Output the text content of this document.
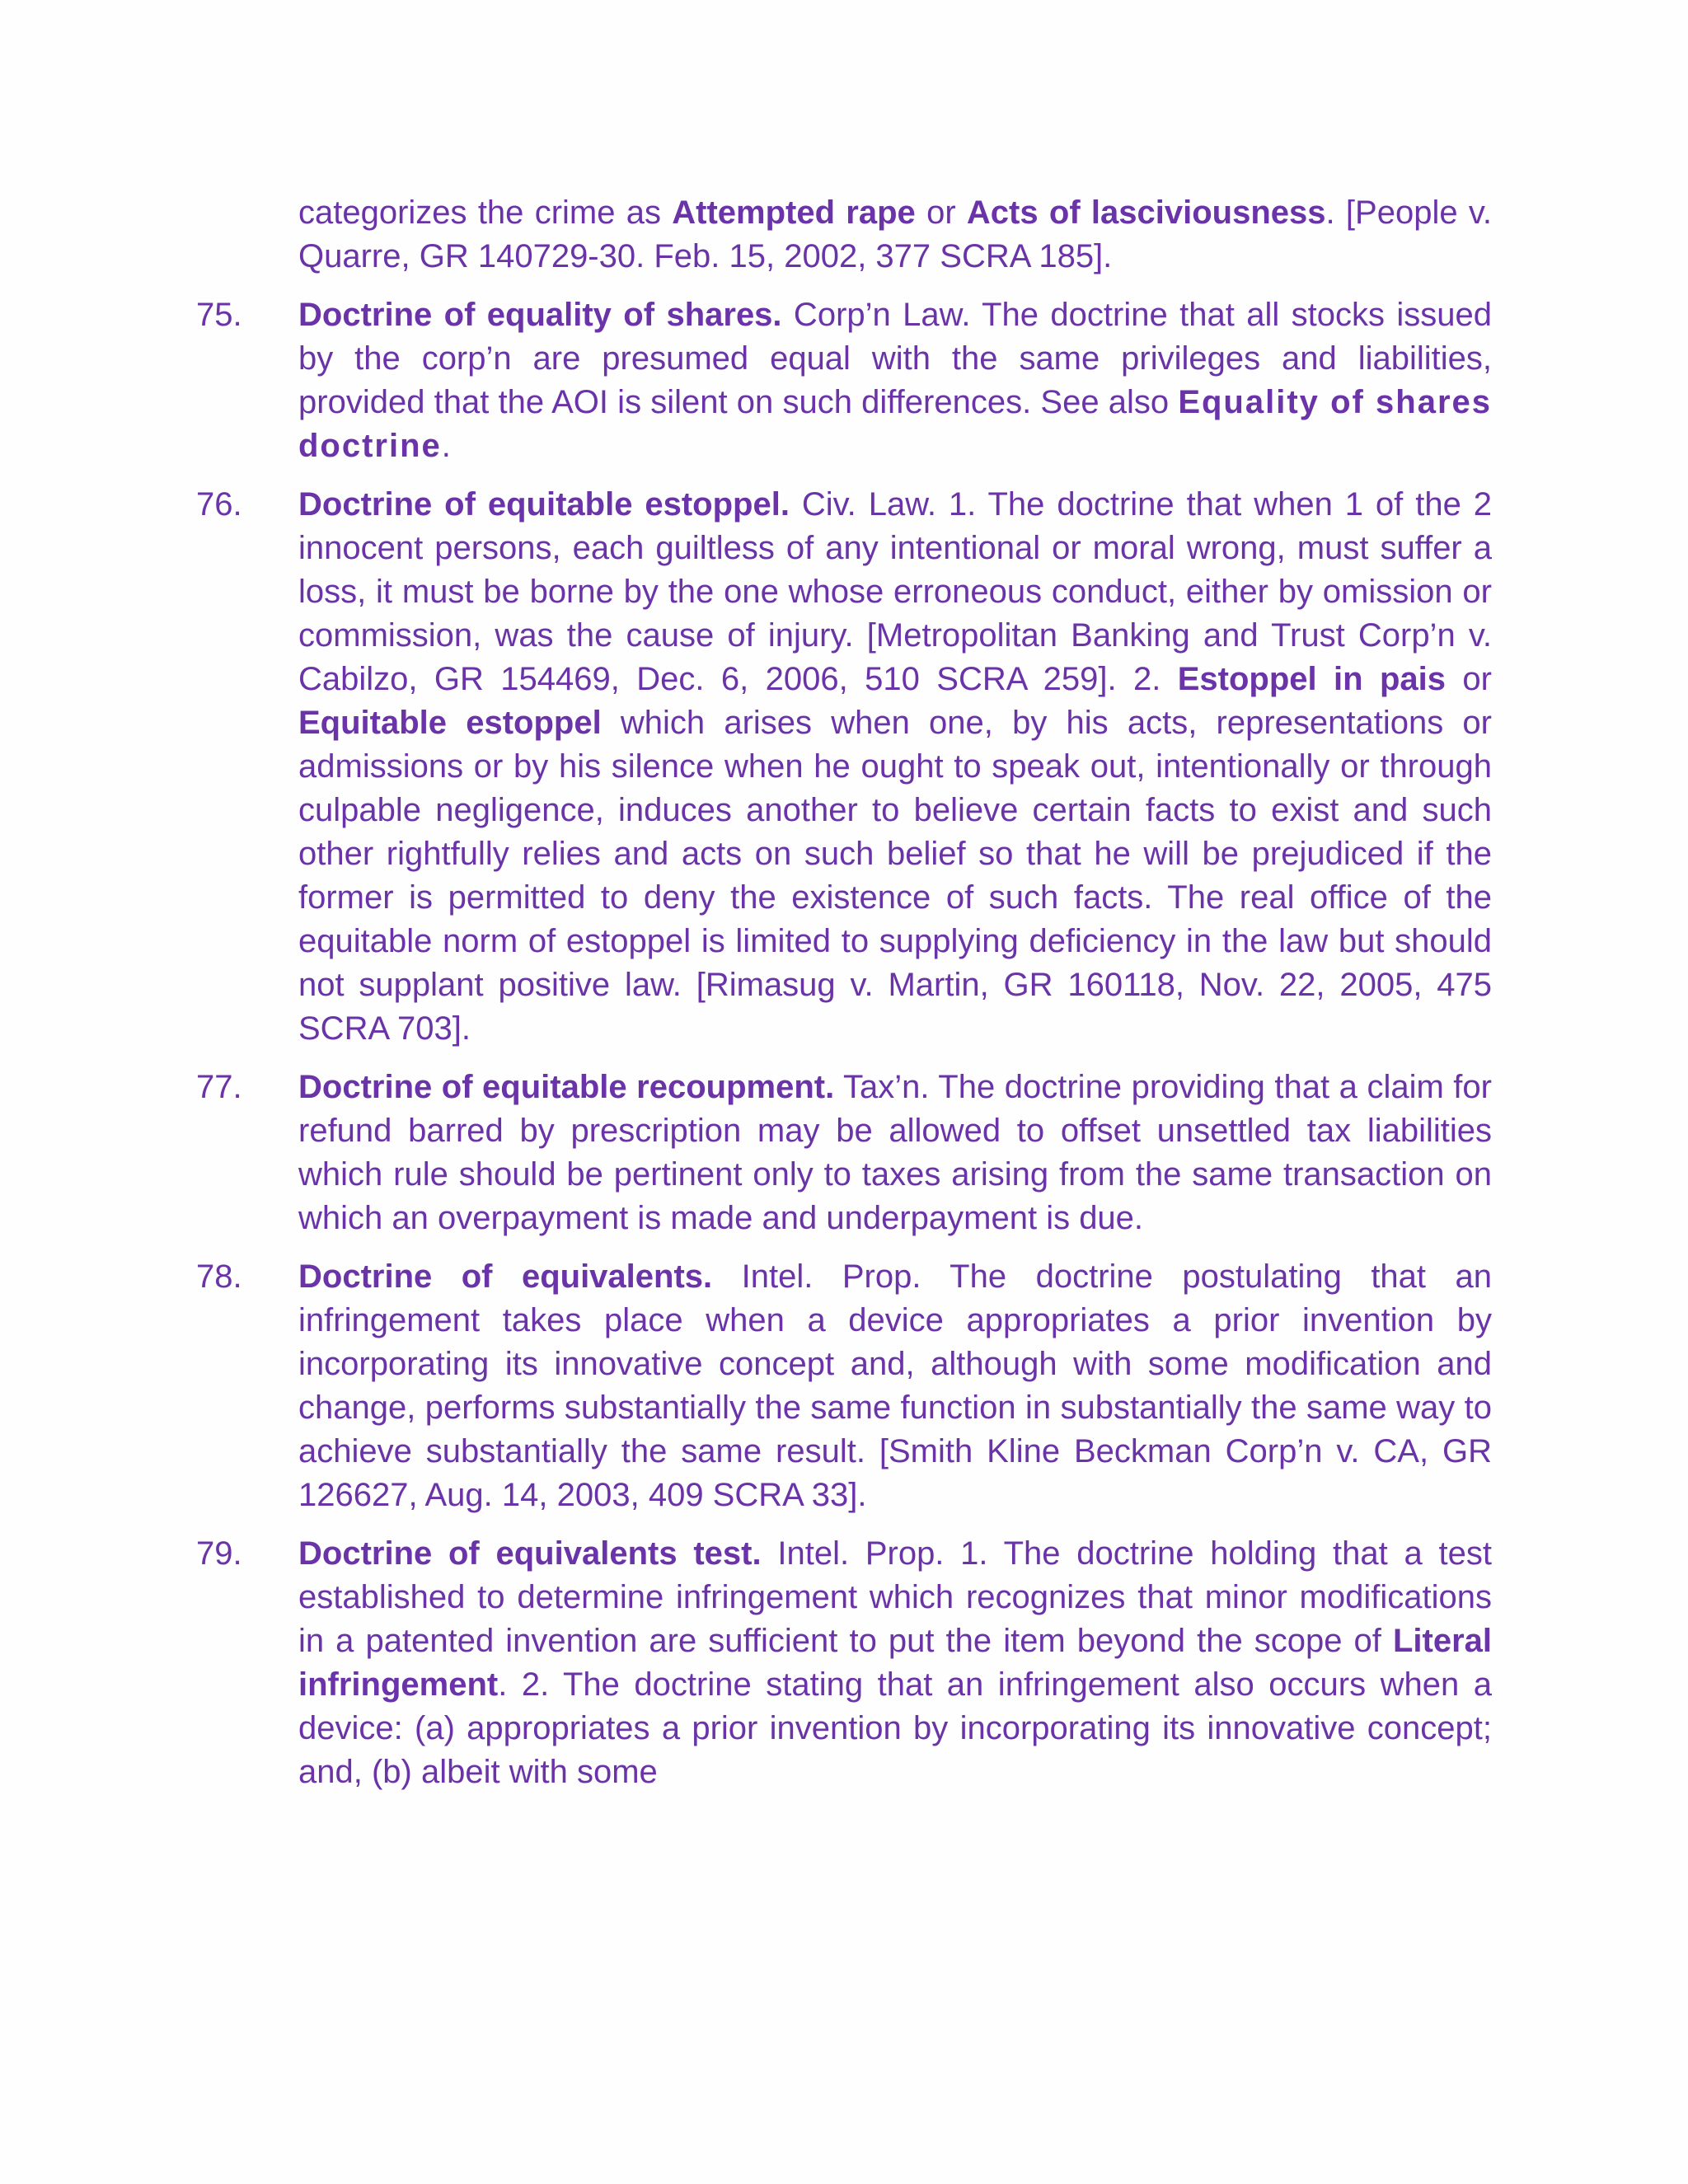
categorizes the crime as Attempted rape or Acts of lasciviousness. [People v. Quarre, GR 140729-30. Feb. 15, 2002, 377 SCRA 185].

75.	Doctrine of equality of shares. Corp’n Law. The doctrine that all stocks issued by the corp’n are presumed equal with the same privileges and liabilities, provided that the AOI is silent on such differences. See also Equality of shares doctrine.
76.	Doctrine of equitable estoppel. Civ. Law. 1. The doctrine that when 1 of the 2 innocent persons, each guiltless of any intentional or moral wrong, must suffer a loss, it must be borne by the one whose erroneous conduct, either by omission or commission, was the cause of injury. [Metropolitan Banking and Trust Corp’n v. Cabilzo, GR 154469, Dec. 6, 2006, 510 SCRA 259]. 2. Estoppel in pais or Equitable estoppel which arises when one, by his acts, representations or admissions or by his silence when he ought to speak out, intentionally or through culpable negligence, induces another to believe certain facts to exist and such other rightfully relies and acts on such belief so that he will be prejudiced if the former is permitted to deny the existence of such facts. The real office of the equitable norm of estoppel is limited to supplying deficiency in the law but should not supplant positive law. [Rimasug v. Martin, GR 160118, Nov. 22, 2005, 475 SCRA 703].
77.	Doctrine of equitable recoupment. Tax’n. The doctrine providing that a claim for refund barred by prescription may be allowed to offset unsettled tax liabilities which rule should be pertinent only to taxes arising from the same transaction on which an overpayment is made and underpayment is due.
78.	Doctrine of equivalents. Intel. Prop. The doctrine postulating that an infringement takes place when a device appropriates a prior invention by incorporating its innovative concept and, although with some modification and change, performs substantially the same function in substantially the same way to achieve substantially the same result. [Smith Kline Beckman Corp’n v. CA, GR 126627, Aug. 14, 2003, 409 SCRA 33].
79.	Doctrine of equivalents test. Intel. Prop. 1. The doctrine holding that a test established to determine infringement which recognizes that minor modifications in a patented invention are sufficient to put the item beyond the scope of Literal infringement. 2. The doctrine stating that an infringement also occurs when a device: (a) appropriates a prior invention by incorporating its innovative concept; and, (b) albeit with some
